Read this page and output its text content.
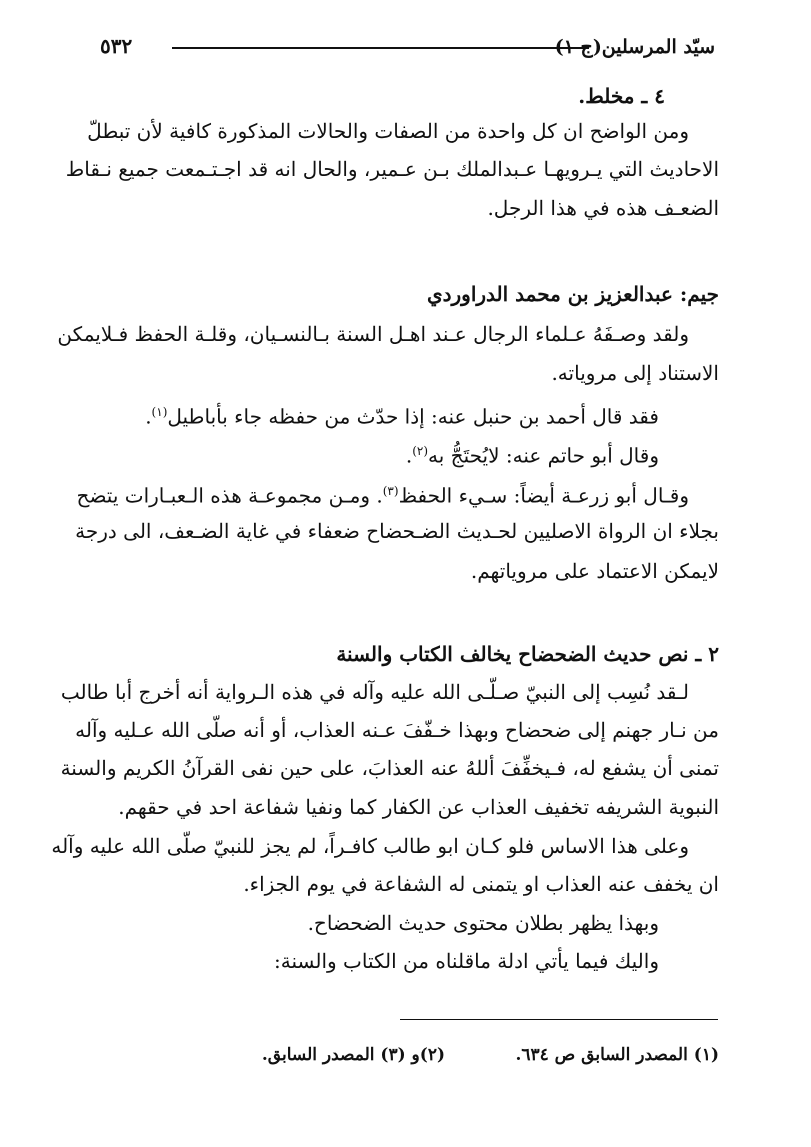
سيّد المرسلين(ج ١)
٥٣٢
٤ ـ مخلط.
ومن الواضح ان كل واحدة من الصفات والحالات المذكورة كافية لأن تبطلّ
الاحاديث التي يـرويهـا عـبدالملك بـن عـمير، والحال انه قد اجـتـمعت جميع نـقاط
الضعـف هذه في هذا الرجل.
جيم: عبدالعزيز بن محمد الدراوردي
ولقد وصـفَهُ عـلماء الرجال عـند اهـل السنة بـالنسـيان، وقلـة الحفظ فـلايمكن
الاستناد إلى مروياته.
فقد قال أحمد بن حنبل عنه: إذا حدّث من حفظه جاء بأباطيل$^{(١)}$.
وقال أبو حاتم عنه: لايُحتَجُّ به$^{(٢)}$.
وقـال أبو زرعـة أيضاً: سـيء الحفظ$^{(٣)}$. ومـن مجموعـة هذه الـعبـارات يتضح
بجلاء ان الرواة الاصليين لحـديث الضـحضاح ضعفاء في غاية الضـعف، الى درجة
لايمكن الاعتماد على مروياتهم.
٢ ـ نص حديث الضحضاح يخالف الكتاب والسنة
لـقد نُسِب إلى النبيّ صـلّـى الله عليه وآله في هذه الـرواية أنه أخرج أبا طالب
من نـار جهنم إلى ضحضاح وبهذا خـفّفَ عـنه العذاب، أو أنه صلّى الله عـليه وآله
تمنى أن يشفع له، فـيخفِّفَ أللهُ عنه العذابَ، على حين نفى القرآنُ الكريم والسنة
النبوية الشريفه تخفيف العذاب عن الكفار كما ونفيا شفاعة احد في حقهم.
وعلى هذا الاساس فلو كـان ابو طالب كافـراً، لم يجز للنبيّ صلّى الله عليه وآله
ان يخفف عنه العذاب او يتمنى له الشفاعة في يوم الجزاء.
وبهذا يظهر بطلان محتوى حديث الضحضاح.
واليك فيما يأتي ادلة ماقلناه من الكتاب والسنة:
(١) المصدر السابق ص ٦٣٤.
(٢)و (٣) المصدر السابق.
